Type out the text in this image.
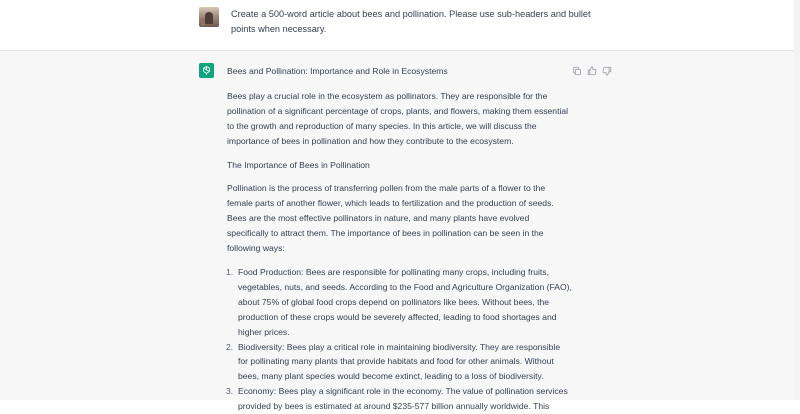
Create a 500-word article about bees and pollination. Please use sub-headers and bullet points when necessary.

Bees and Pollination: Importance and Role in Ecosystems

Bees play a crucial role in the ecosystem as pollinators. They are responsible for the pollination of a significant percentage of crops, plants, and flowers, making them essential to the growth and reproduction of many species. In this article, we will discuss the importance of bees in pollination and how they contribute to the ecosystem.

The Importance of Bees in Pollination

Pollination is the process of transferring pollen from the male parts of a flower to the female parts of another flower, which leads to fertilization and the production of seeds. Bees are the most effective pollinators in nature, and many plants have evolved specifically to attract them. The importance of bees in pollination can be seen in the following ways:

1. Food Production: Bees are responsible for pollinating many crops, including fruits, vegetables, nuts, and seeds. According to the Food and Agriculture Organization (FAO), about 75% of global food crops depend on pollinators like bees. Without bees, the production of these crops would be severely affected, leading to food shortages and higher prices.
2. Biodiversity: Bees play a critical role in maintaining biodiversity. They are responsible for pollinating many plants that provide habitats and food for other animals. Without bees, many plant species would become extinct, leading to a loss of biodiversity.
3. Economy: Bees play a significant role in the economy. The value of pollination services provided by bees is estimated at around $235-577 billion annually worldwide. This
